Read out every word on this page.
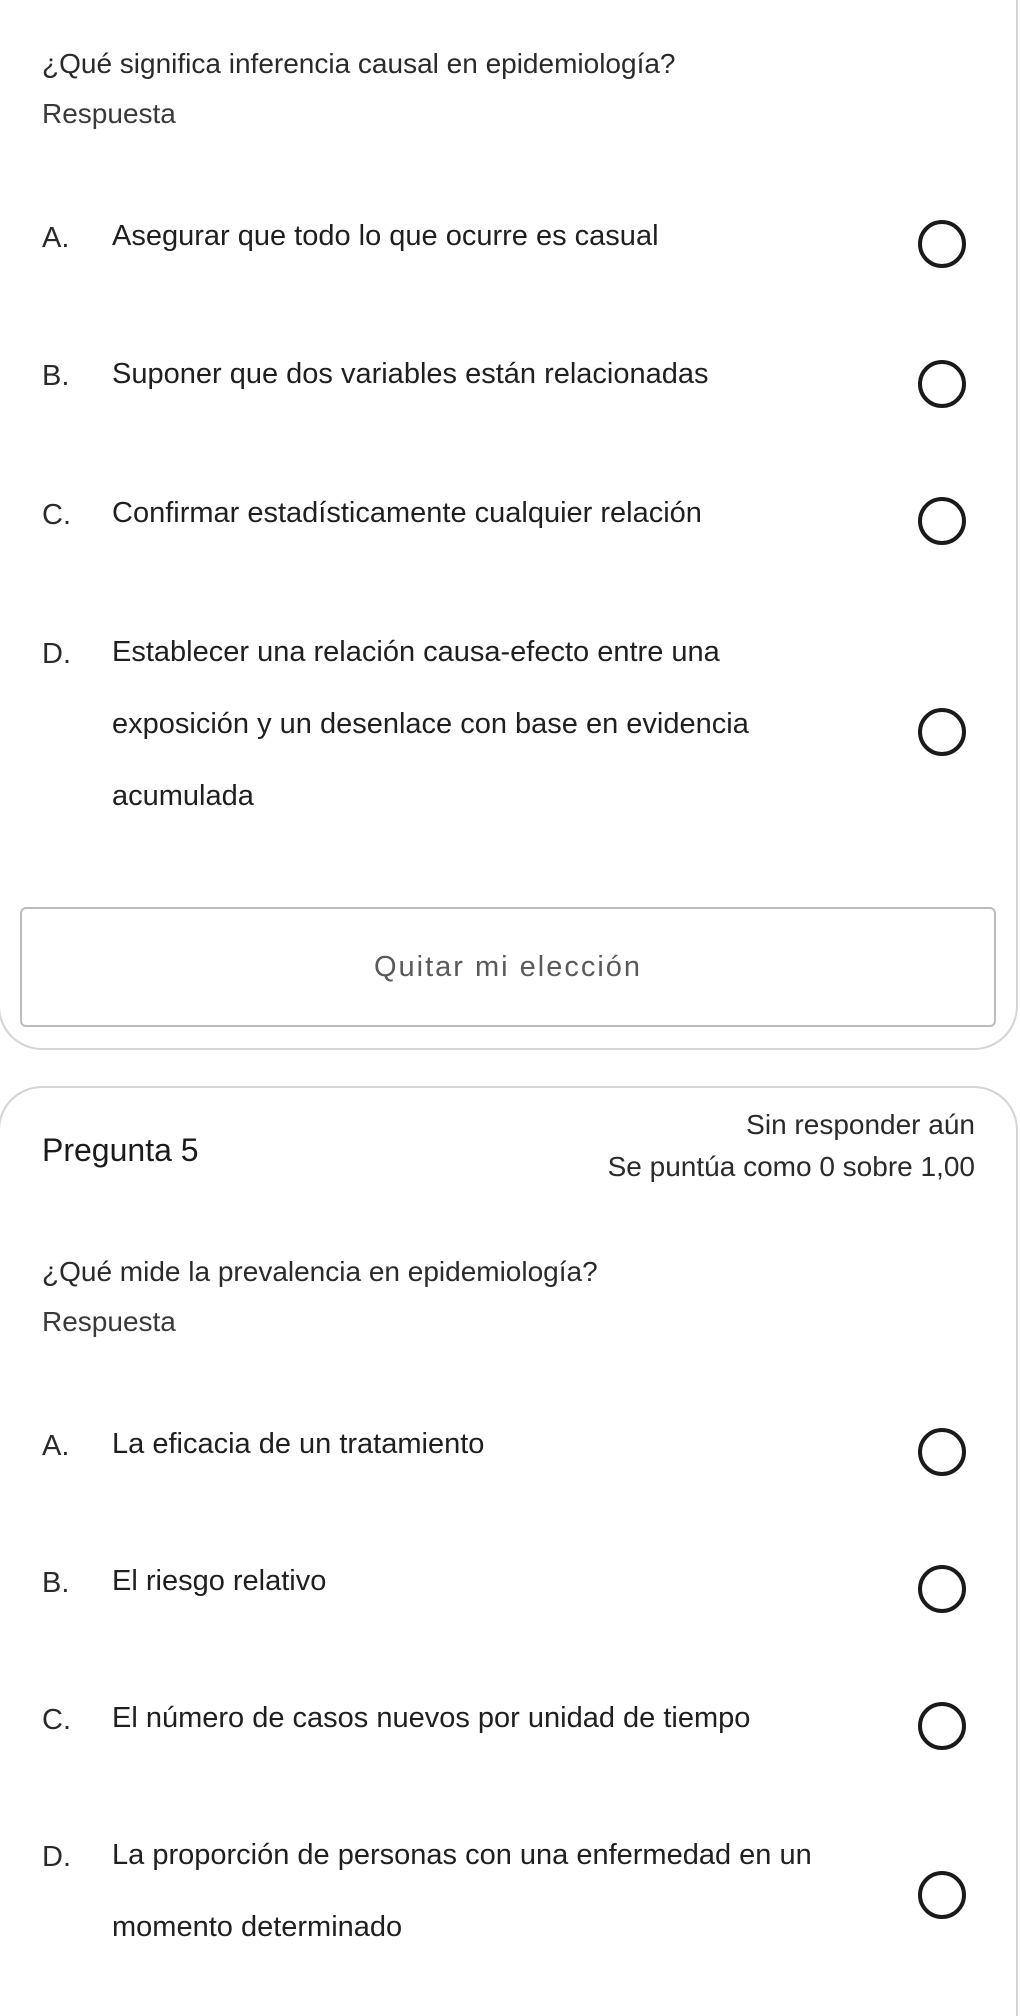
¿Qué significa inferencia causal en epidemiología?
Respuesta
A. Asegurar que todo lo que ocurre es casual
B. Suponer que dos variables están relacionadas
C. Confirmar estadísticamente cualquier relación
D. Establecer una relación causa-efecto entre una exposición y un desenlace con base en evidencia acumulada
Quitar mi elección
Pregunta 5
Sin responder aún
Se puntúa como 0 sobre 1,00
¿Qué mide la prevalencia en epidemiología?
Respuesta
A. La eficacia de un tratamiento
B. El riesgo relativo
C. El número de casos nuevos por unidad de tiempo
D. La proporción de personas con una enfermedad en un momento determinado
